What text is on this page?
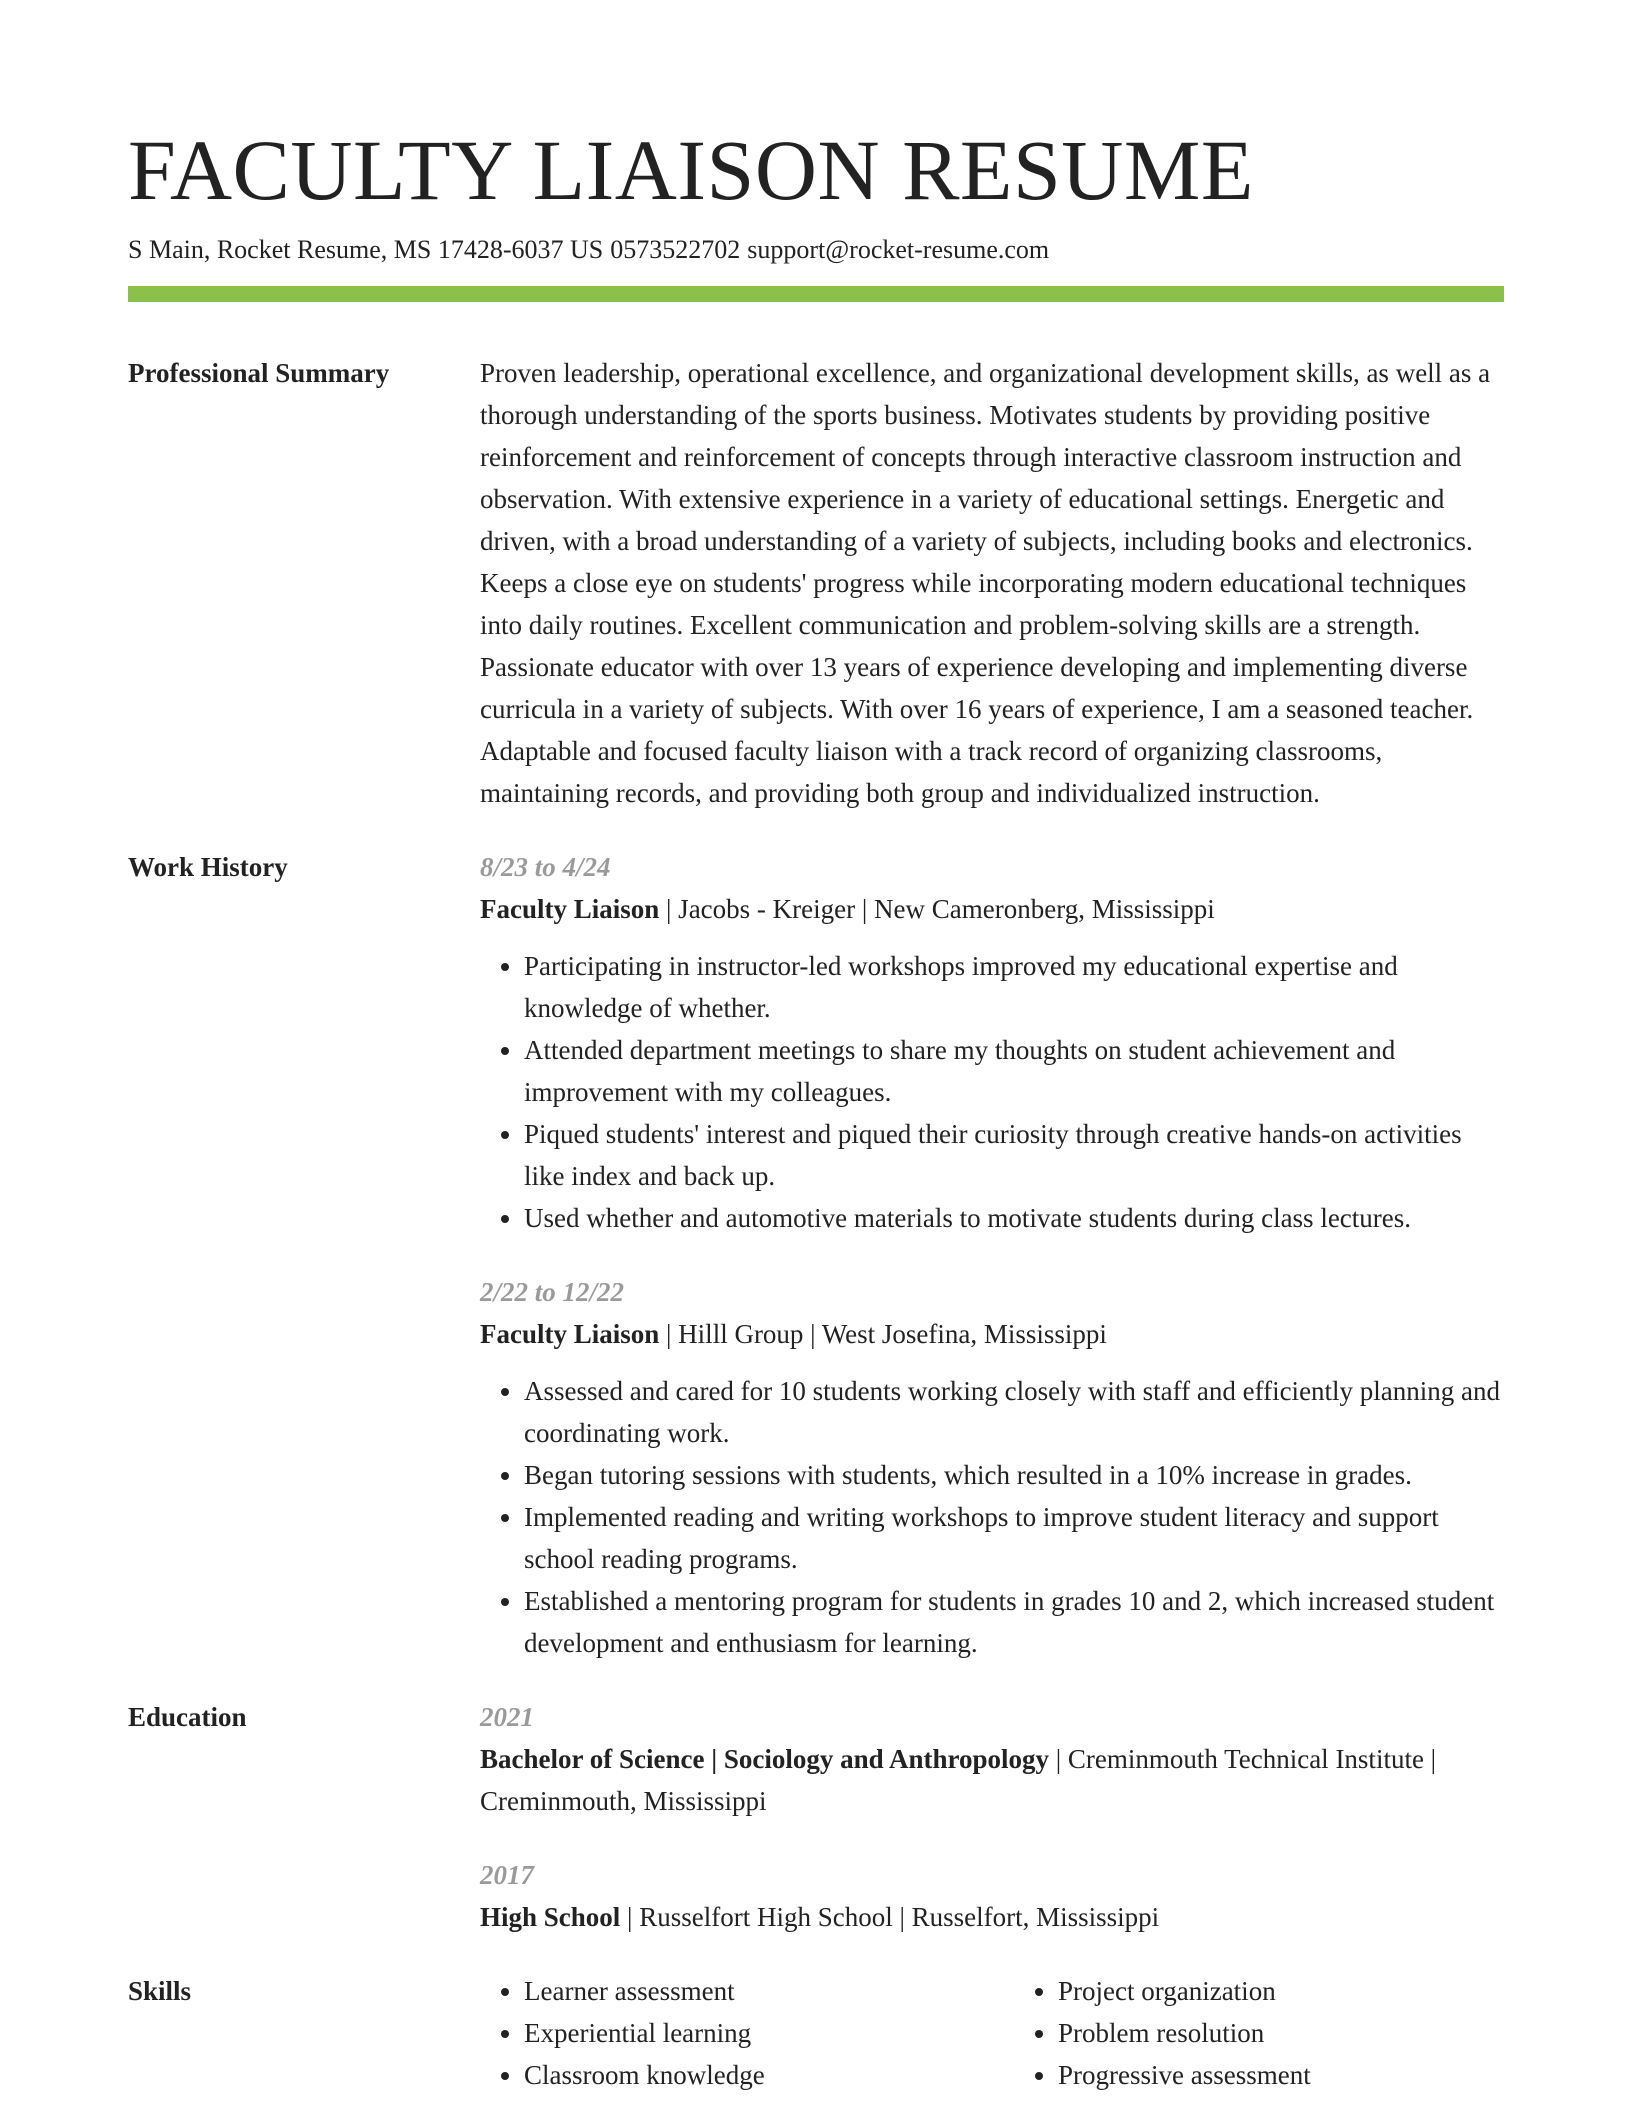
FACULTY LIAISON RESUME
S Main, Rocket Resume, MS 17428-6037 US 0573522702 support@rocket-resume.com
Professional Summary	Proven leadership, operational excellence, and organizational development skills, as well as a thorough understanding of the sports business. Motivates students by providing positive reinforcement and reinforcement of concepts through interactive classroom instruction and observation. With extensive experience in a variety of educational settings. Energetic and driven, with a broad understanding of a variety of subjects, including books and electronics. Keeps a close eye on students' progress while incorporating modern educational techniques into daily routines. Excellent communication and problem-solving skills are a strength. Passionate educator with over 13 years of experience developing and implementing diverse curricula in a variety of subjects. With over 16 years of experience, I am a seasoned teacher. Adaptable and focused faculty liaison with a track record of organizing classrooms, maintaining records, and providing both group and individualized instruction.
Work History	8/23 to 4/24
Faculty Liaison | Jacobs - Kreiger | New Cameronberg, Mississippi
• Participating in instructor-led workshops improved my educational expertise and knowledge of whether.
• Attended department meetings to share my thoughts on student achievement and improvement with my colleagues.
• Piqued students' interest and piqued their curiosity through creative hands-on activities like index and back up.
• Used whether and automotive materials to motivate students during class lectures.
2/22 to 12/22
Faculty Liaison | Hilll Group | West Josefina, Mississippi
• Assessed and cared for 10 students working closely with staff and efficiently planning and coordinating work.
• Began tutoring sessions with students, which resulted in a 10% increase in grades.
• Implemented reading and writing workshops to improve student literacy and support school reading programs.
• Established a mentoring program for students in grades 10 and 2, which increased student development and enthusiasm for learning.
Education	2021
Bachelor of Science | Sociology and Anthropology | Creminmouth Technical Institute | Creminmouth, Mississippi
2017
High School | Russelfort High School | Russelfort, Mississippi
Skills
•	Learner assessment
• Experiential learning
• Classroom knowledge
• Project organization
• Problem resolution
• Progressive assessment
